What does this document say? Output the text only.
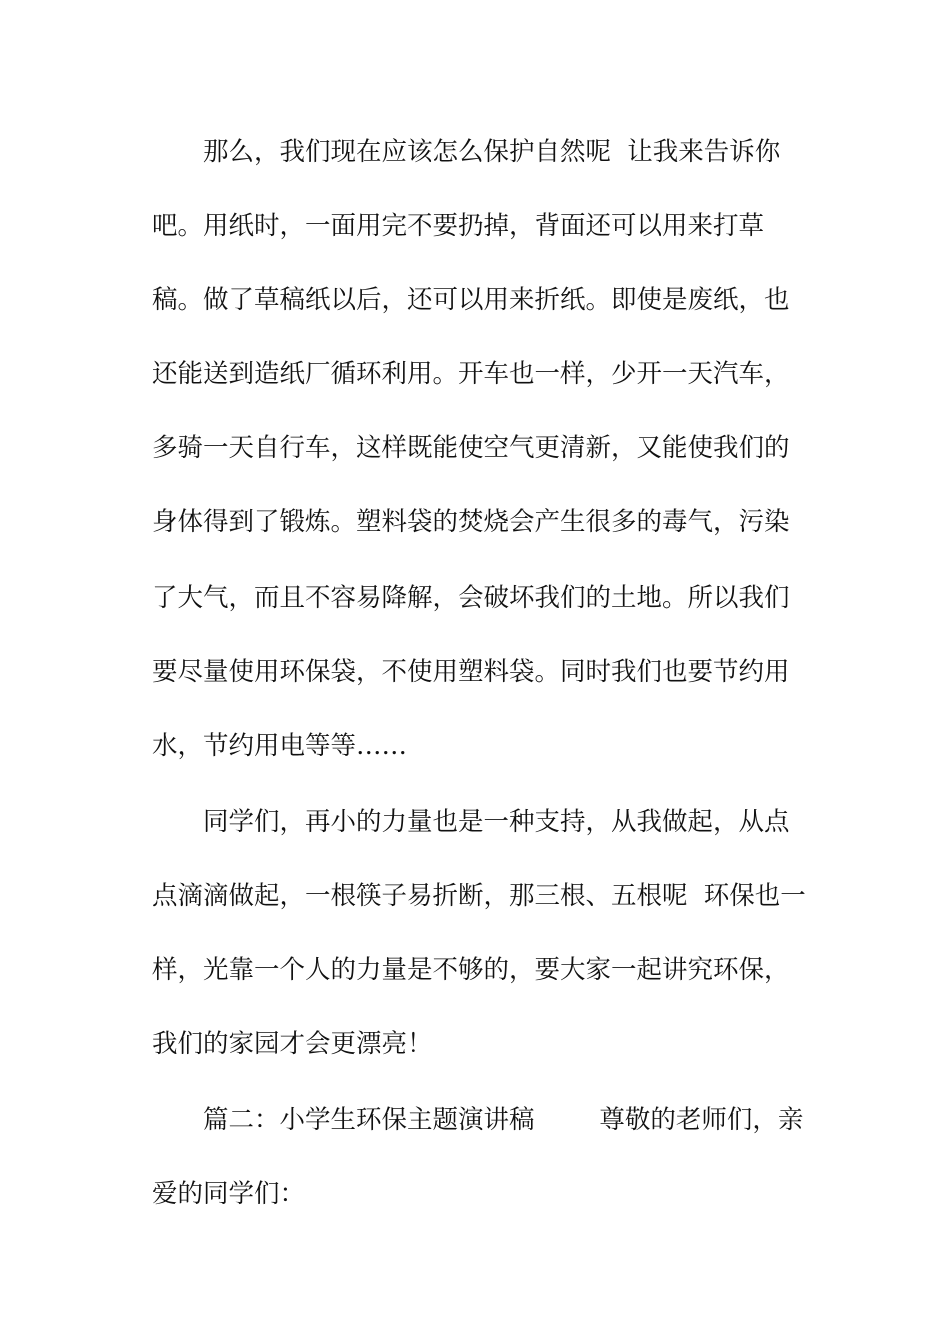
那么，我们现在应该怎么保护自然呢  让我来告诉你

吧。用纸时，一面用完不要扔掉，背面还可以用来打草

稿。做了草稿纸以后，还可以用来折纸。即使是废纸，也

还能送到造纸厂循环利用。开车也一样，少开一天汽车，

多骑一天自行车，这样既能使空气更清新，又能使我们的

身体得到了锻炼。塑料袋的焚烧会产生很多的毒气，污染

了大气，而且不容易降解，会破坏我们的土地。所以我们

要尽量使用环保袋，不使用塑料袋。同时我们也要节约用

水，节约用电等等……

同学们，再小的力量也是一种支持，从我做起，从点

点滴滴做起，一根筷子易折断，那三根、五根呢  环保也一

样，光靠一个人的力量是不够的，要大家一起讲究环保，

我们的家园才会更漂亮！

篇二：小学生环保主题演讲稿        尊敬的老师们，亲

爱的同学们：
